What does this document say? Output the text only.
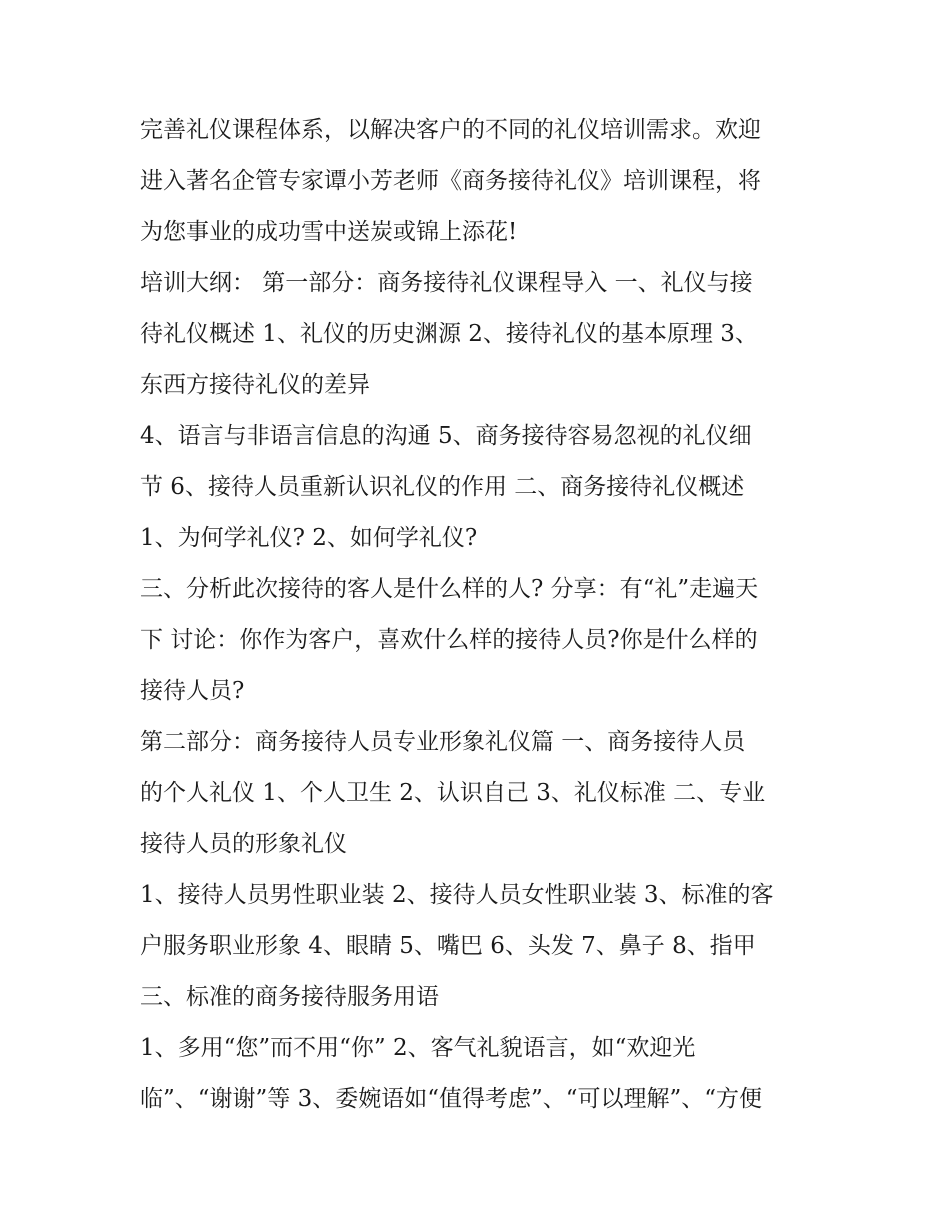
完善礼仪课程体系，以解决客户的不同的礼仪培训需求。欢迎
进入著名企管专家谭小芳老师《商务接待礼仪》培训课程，将
为您事业的成功雪中送炭或锦上添花!
培训大纲： 第一部分：商务接待礼仪课程导入 一、礼仪与接
待礼仪概述 1、礼仪的历史渊源 2、接待礼仪的基本原理 3、
东西方接待礼仪的差异
4、语言与非语言信息的沟通 5、商务接待容易忽视的礼仪细
节 6、接待人员重新认识礼仪的作用 二、商务接待礼仪概述
1、为何学礼仪? 2、如何学礼仪?
三、分析此次接待的客人是什么样的人? 分享：有“礼”走遍天
下 讨论：你作为客户，喜欢什么样的接待人员?你是什么样的
接待人员?
第二部分：商务接待人员专业形象礼仪篇 一、商务接待人员
的个人礼仪 1、个人卫生 2、认识自己 3、礼仪标准 二、专业
接待人员的形象礼仪
1、接待人员男性职业装 2、接待人员女性职业装 3、标准的客
户服务职业形象 4、眼睛 5、嘴巴 6、头发 7、鼻子 8、指甲
三、标准的商务接待服务用语
1、多用“您”而不用“你” 2、客气礼貌语言，如“欢迎光
临”、“谢谢”等 3、委婉语如“值得考虑”、“可以理解”、“方便
